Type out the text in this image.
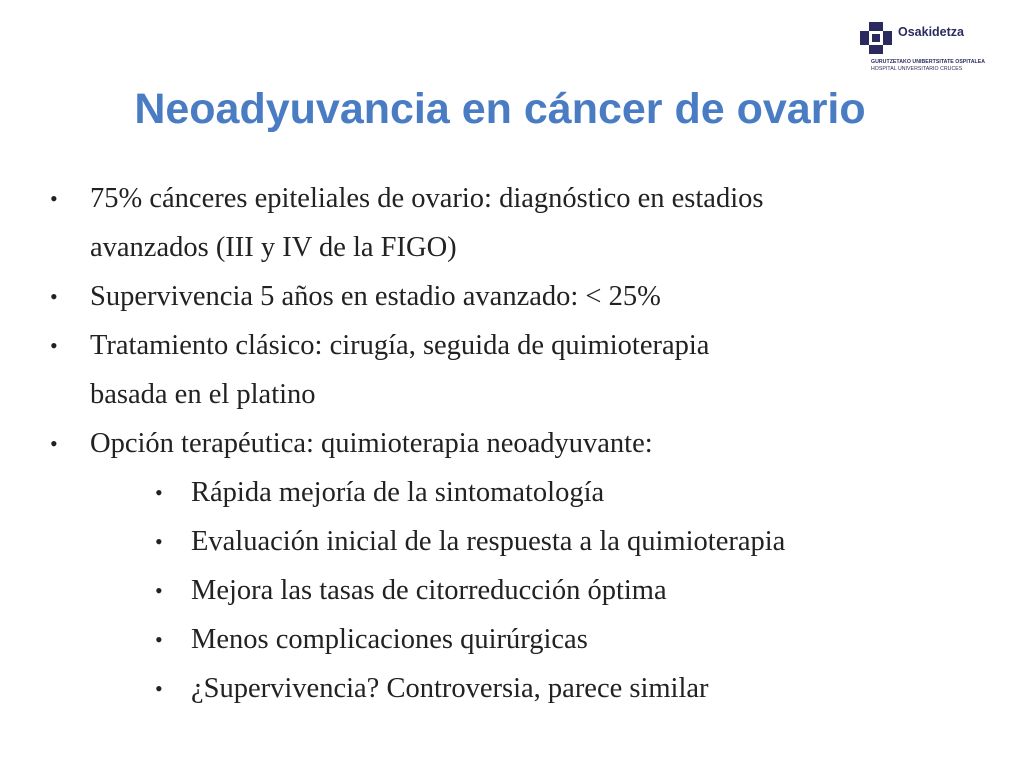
Osakidetza
GURUTZETAKO UNIBERTSITATE OSPITALEA
HOSPITAL UNIVERSITARIO CRUCES
Neoadyuvancia en cáncer de ovario
• 75% cánceres epiteliales de ovario: diagnóstico en estadios
avanzados (III y IV de la FIGO)
• Supervivencia 5 años en estadio avanzado: < 25%
• Tratamiento clásico: cirugía, seguida de quimioterapia
basada en el platino
• Opción terapéutica: quimioterapia neoadyuvante:
• Rápida mejoría de la sintomatología
• Evaluación inicial de la respuesta a la quimioterapia
• Mejora las tasas de citorreducción óptima
• Menos complicaciones quirúrgicas
• ¿Supervivencia? Controversia, parece similar
